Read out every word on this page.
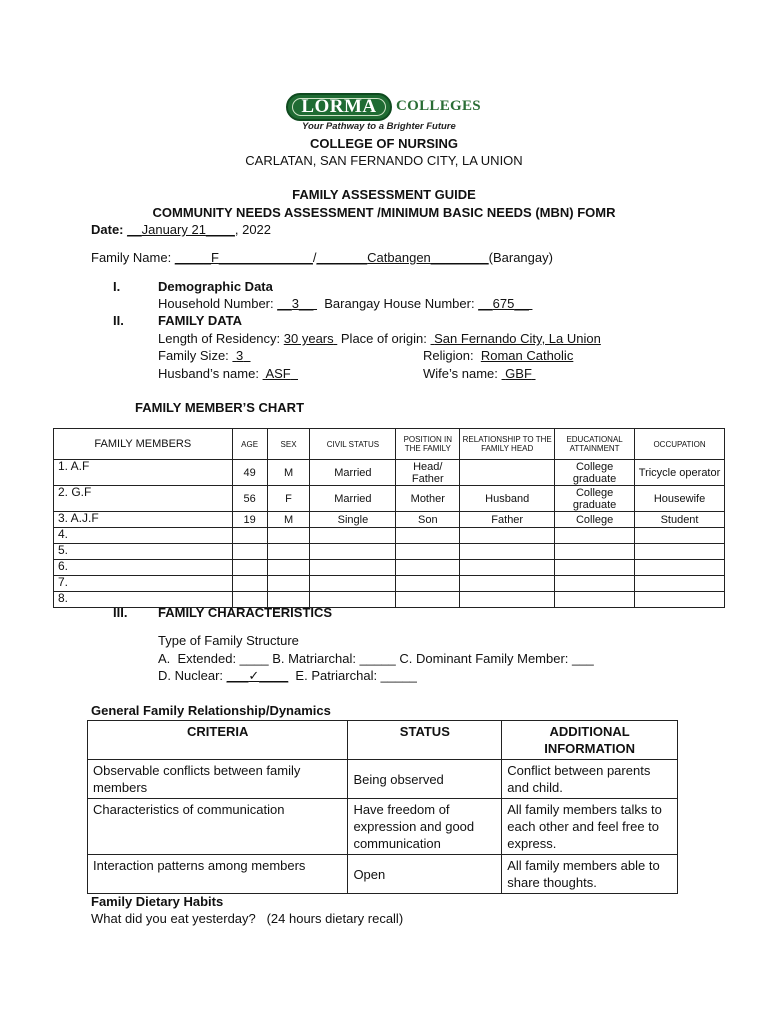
LORMA	COLLEGES
Your Pathway to a Brighter Future
COLLEGE OF NURSING
CARLATAN, SAN FERNANDO CITY, LA UNION
FAMILY ASSESSMENT GUIDE
COMMUNITY NEEDS ASSESSMENT /MINIMUM BASIC NEEDS (MBN) FOMR
Date: __January 21____, 2022
Family Name: _____F_____________/_______Catbangen________(Barangay)
I.	Demographic Data
Household Number: __3__   Barangay House Number: __675__
II.	FAMILY DATA
Length of Residency: 30 years Place of origin: San Fernando City, La Union
Family Size: 3	Religion: Roman Catholic
Husband’s name: ASF	Wife’s name: GBF
FAMILY MEMBER’S CHART
FAMILY MEMBERS	AGE	SEX	CIVIL STATUS	POSITION IN THE FAMILY	RELATIONSHIP TO THE FAMILY HEAD	EDUCATIONAL ATTAINMENT	OCCUPATION
1. A.F	49	M	Married	Head/ Father		College graduate	Tricycle operator
2. G.F	56	F	Married	Mother	Husband	College graduate	Housewife
3. A.J.F	19	M	Single	Son	Father	College	Student
4.							
5.							
6.							
7.							
8.							
III. FAMILY CHARACTERISTICS
Type of Family Structure
A.  Extended: ____ B. Matriarchal: _____ C. Dominant Family Member: ___
D. Nuclear: ___✓____ E. Patriarchal: _____
General Family Relationship/Dynamics
CRITERIA	STATUS	ADDITIONAL INFORMATION
Observable conflicts between family members	Being observed	Conflict between parents and child.
Characteristics of communication	Have freedom of expression and good communication	All family members talks to each other and feel free to express.
Interaction patterns among members	Open	All family members able to share thoughts.
Family Dietary Habits
What did you eat yesterday?   (24 hours dietary recall)
